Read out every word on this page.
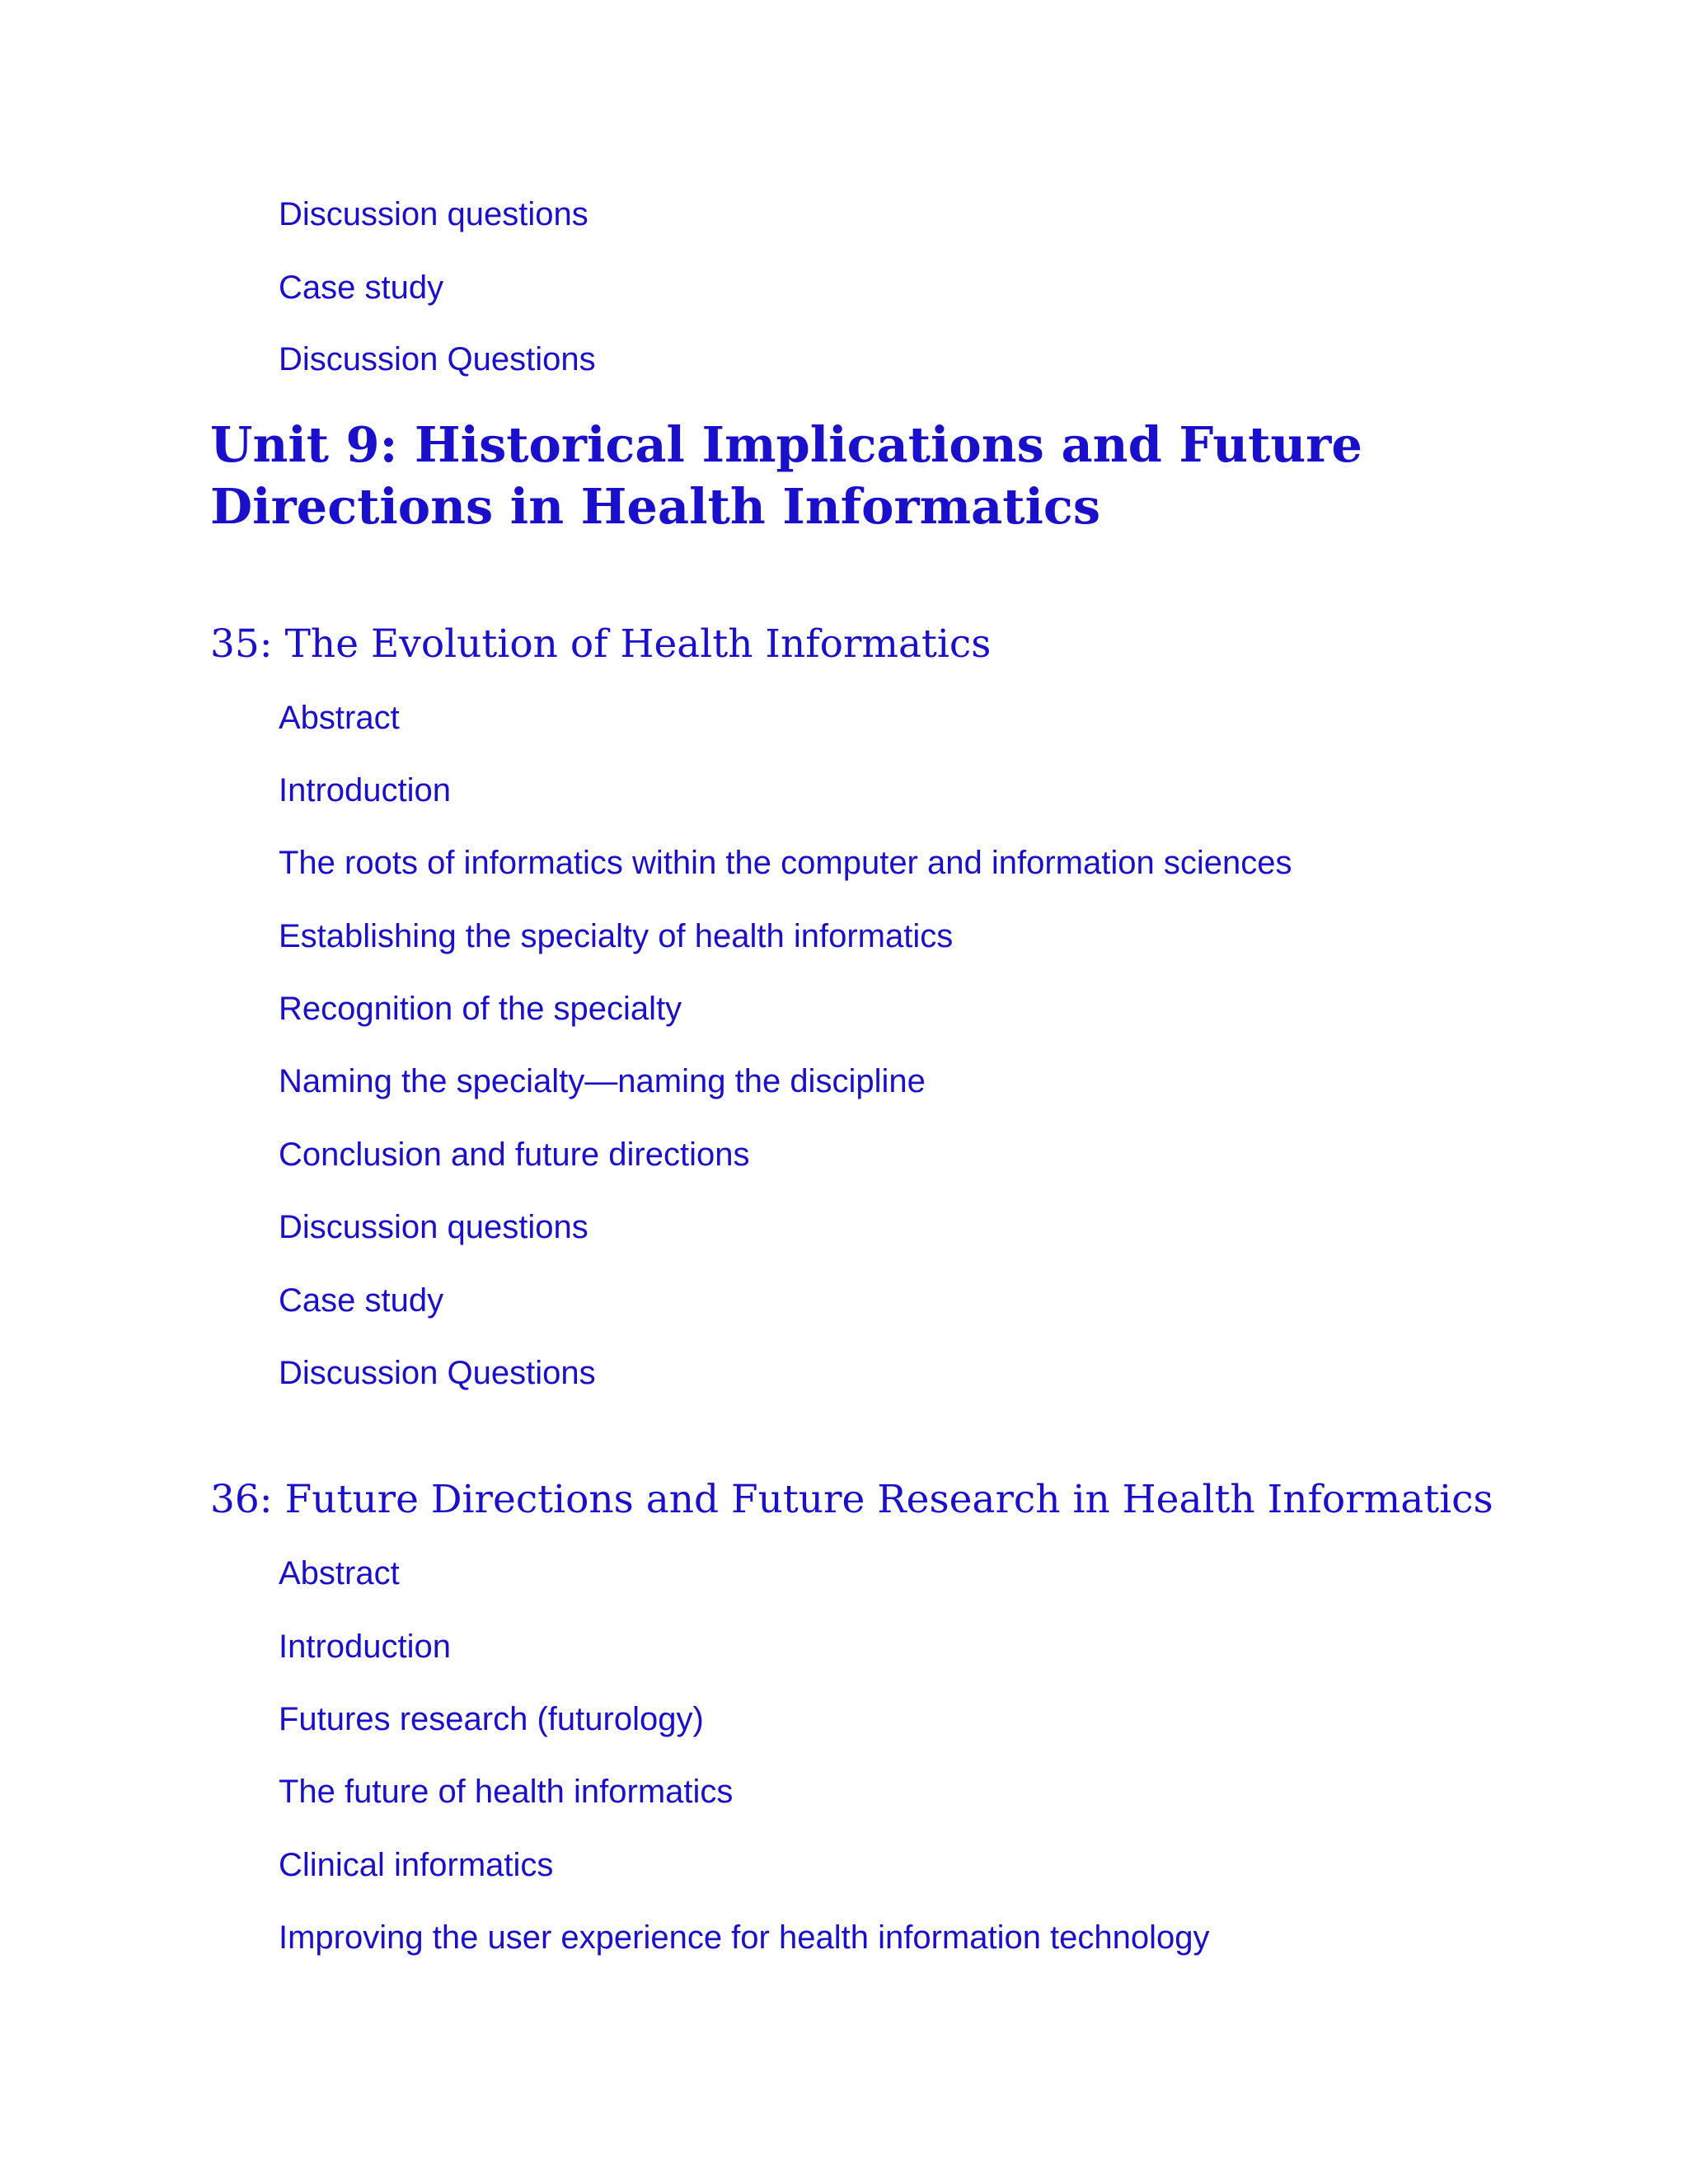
Discussion questions
Case study
Discussion Questions
Unit 9: Historical Implications and Future
Directions in Health Informatics
35: The Evolution of Health Informatics
Abstract
Introduction
The roots of informatics within the computer and information sciences
Establishing the specialty of health informatics
Recognition of the specialty
Naming the specialty—naming the discipline
Conclusion and future directions
Discussion questions
Case study
Discussion Questions
36: Future Directions and Future Research in Health Informatics
Abstract
Introduction
Futures research (futurology)
The future of health informatics
Clinical informatics
Improving the user experience for health information technology
